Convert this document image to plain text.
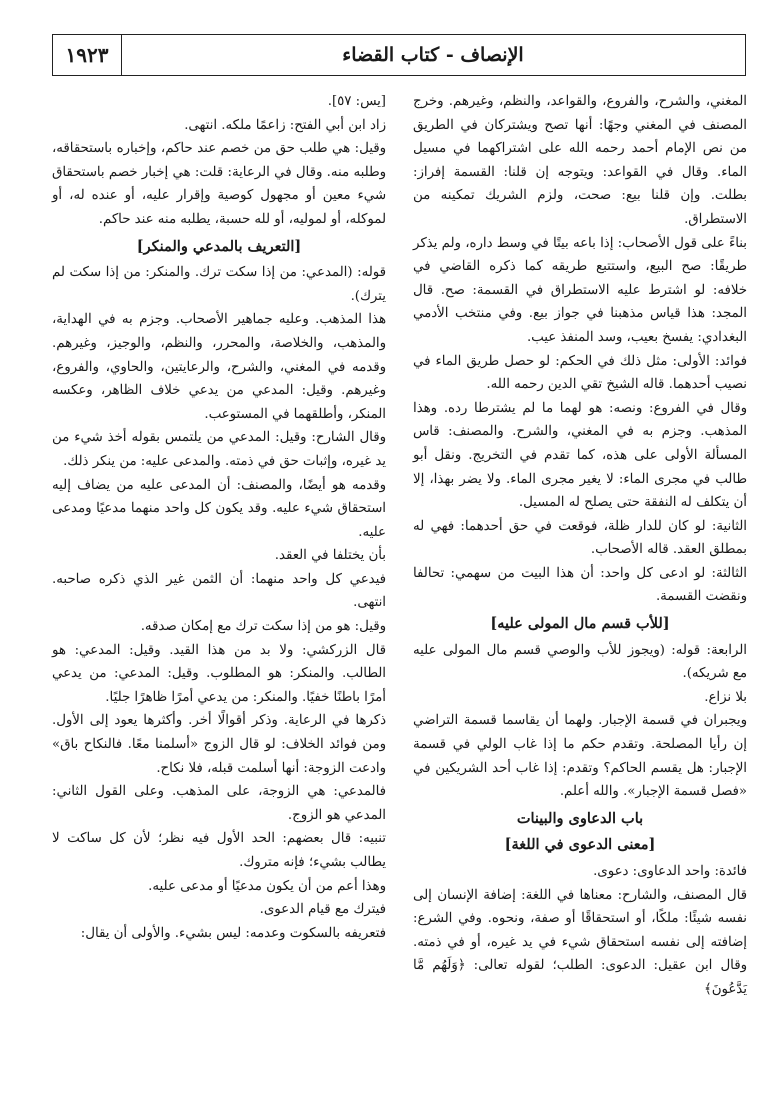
١٩٢٣	الإنصاف - كتاب القضاء

المغني، والشرح، والفروع، والقواعد، والنظم، وغيرهم. وخرج المصنف في المغني وجهًا: أنها تصح ويشتركان في الطريق من نص الإمام أحمد رحمه الله على اشتراكهما في مسيل الماء. وقال في القواعد: ويتوجه إن قلنا: القسمة إفراز: بطلت. وإن قلنا بيع: صحت، ولزم الشريك تمكينه من الاستطراق.

بناءً على قول الأصحاب: إذا باعه بيتًا في وسط داره، ولم يذكر طريقًا: صح البيع، واستتبع طريقه كما ذكره القاضي في خلافه: لو اشترط عليه الاستطراق في القسمة: صح. قال المجد: هذا قياس مذهبنا في جواز بيع. وفي منتخب الأدمي البغدادي: يفسخ بعيب، وسد المنفذ عيب.

فوائد: الأولى: مثل ذلك في الحكم: لو حصل طريق الماء في نصيب أحدهما. قاله الشيخ تقي الدين رحمه الله.

وقال في الفروع: ونصه: هو لهما ما لم يشترطا رده. وهذا المذهب. وجزم به في المغني، والشرح. والمصنف: قاس المسألة الأولى على هذه، كما تقدم في التخريج. ونقل أبو طالب في مجرى الماء: لا يغير مجرى الماء. ولا يضر بهذا، إلا أن يتكلف له النفقة حتى يصلح له المسيل.

الثانية: لو كان للدار ظلة، فوقعت في حق أحدهما: فهي له بمطلق العقد. قاله الأصحاب.

الثالثة: لو ادعى كل واحد: أن هذا البيت من سهمي: تحالفا ونقضت القسمة.

[للأب قسم مال المولى عليه]

الرابعة: قوله: (ويجوز للأب والوصي قسم مال المولى عليه مع شريكه).

بلا نزاع.

ويجبران في قسمة الإجبار. ولهما أن يقاسما قسمة التراضي إن رأيا المصلحة. وتقدم حكم ما إذا غاب الولي في قسمة الإجبار: هل يقسم الحاكم؟ وتقدم: إذا غاب أحد الشريكين في «فصل قسمة الإجبار». والله أعلم.

باب الدعاوى والبينات
[معنى الدعوى في اللغة]

فائدة: واحد الدعاوى: دعوى.

قال المصنف، والشارح: معناها في اللغة: إضافة الإنسان إلى نفسه شيئًا: ملكًا، أو استحقاقًا أو صفة، ونحوه. وفي الشرع: إضافته إلى نفسه استحقاق شيء في يد غيره، أو في ذمته. وقال ابن عقيل: الدعوى: الطلب؛ لقوله تعالى: ﴿وَلَهُم مَّا يَدَّعُونَ﴾

[يس: ٥٧].

زاد ابن أبي الفتح: زاعمًا ملكه. انتهى.

وقيل: هي طلب حق من خصم عند حاكم، وإخباره باستحقاقه، وطلبه منه. وقال في الرعاية: قلت: هي إخبار خصم باستحقاق شيء معين أو مجهول كوصية وإقرار عليه، أو عنده له، أو لموكله، أو لموليه، أو لله حسبة، يطلبه منه عند حاكم.

[التعريف بالمدعي والمنكر]

قوله: (المدعي: من إذا سكت ترك. والمنكر: من إذا سكت لم يترك).

هذا المذهب. وعليه جماهير الأصحاب. وجزم به في الهداية، والمذهب، والخلاصة، والمحرر، والنظم، والوجيز، وغيرهم. وقدمه في المغني، والشرح، والرعايتين، والحاوي، والفروع، وغيرهم. وقيل: المدعي من يدعي خلاف الظاهر، وعكسه المنكر، وأطلقهما في المستوعب.

وقال الشارح: وقيل: المدعي من يلتمس بقوله أخذ شيء من يد غيره، وإثبات حق في ذمته. والمدعى عليه: من ينكر ذلك.

وقدمه هو أيضًا، والمصنف: أن المدعى عليه من يضاف إليه استحقاق شيء عليه. وقد يكون كل واحد منهما مدعيًا ومدعى عليه.

بأن يختلفا في العقد.

فيدعي كل واحد منهما: أن الثمن غير الذي ذكره صاحبه. انتهى.

وقيل: هو من إذا سكت ترك مع إمكان صدقه.

قال الزركشي: ولا بد من هذا القيد. وقيل: المدعي: هو الطالب. والمنكر: هو المطلوب. وقيل: المدعي: من يدعي أمرًا باطنًا خفيًا. والمنكر: من يدعي أمرًا ظاهرًا جليًا.

ذكرها في الرعاية. وذكر أقوالًا أخر. وأكثرها يعود إلى الأول. ومن فوائد الخلاف: لو قال الزوج «أسلمنا معًا. فالنكاح باق» وادعت الزوجة: أنها أسلمت قبله، فلا نكاح.

فالمدعي: هي الزوجة، على المذهب. وعلى القول الثاني: المدعي هو الزوج.

تنبيه: قال بعضهم: الحد الأول فيه نظر؛ لأن كل ساكت لا يطالب بشيء؛ فإنه متروك.

وهذا أعم من أن يكون مدعيًا أو مدعى عليه.

فيترك مع قيام الدعوى.

فتعريفه بالسكوت وعدمه: ليس بشيء. والأولى أن يقال:
